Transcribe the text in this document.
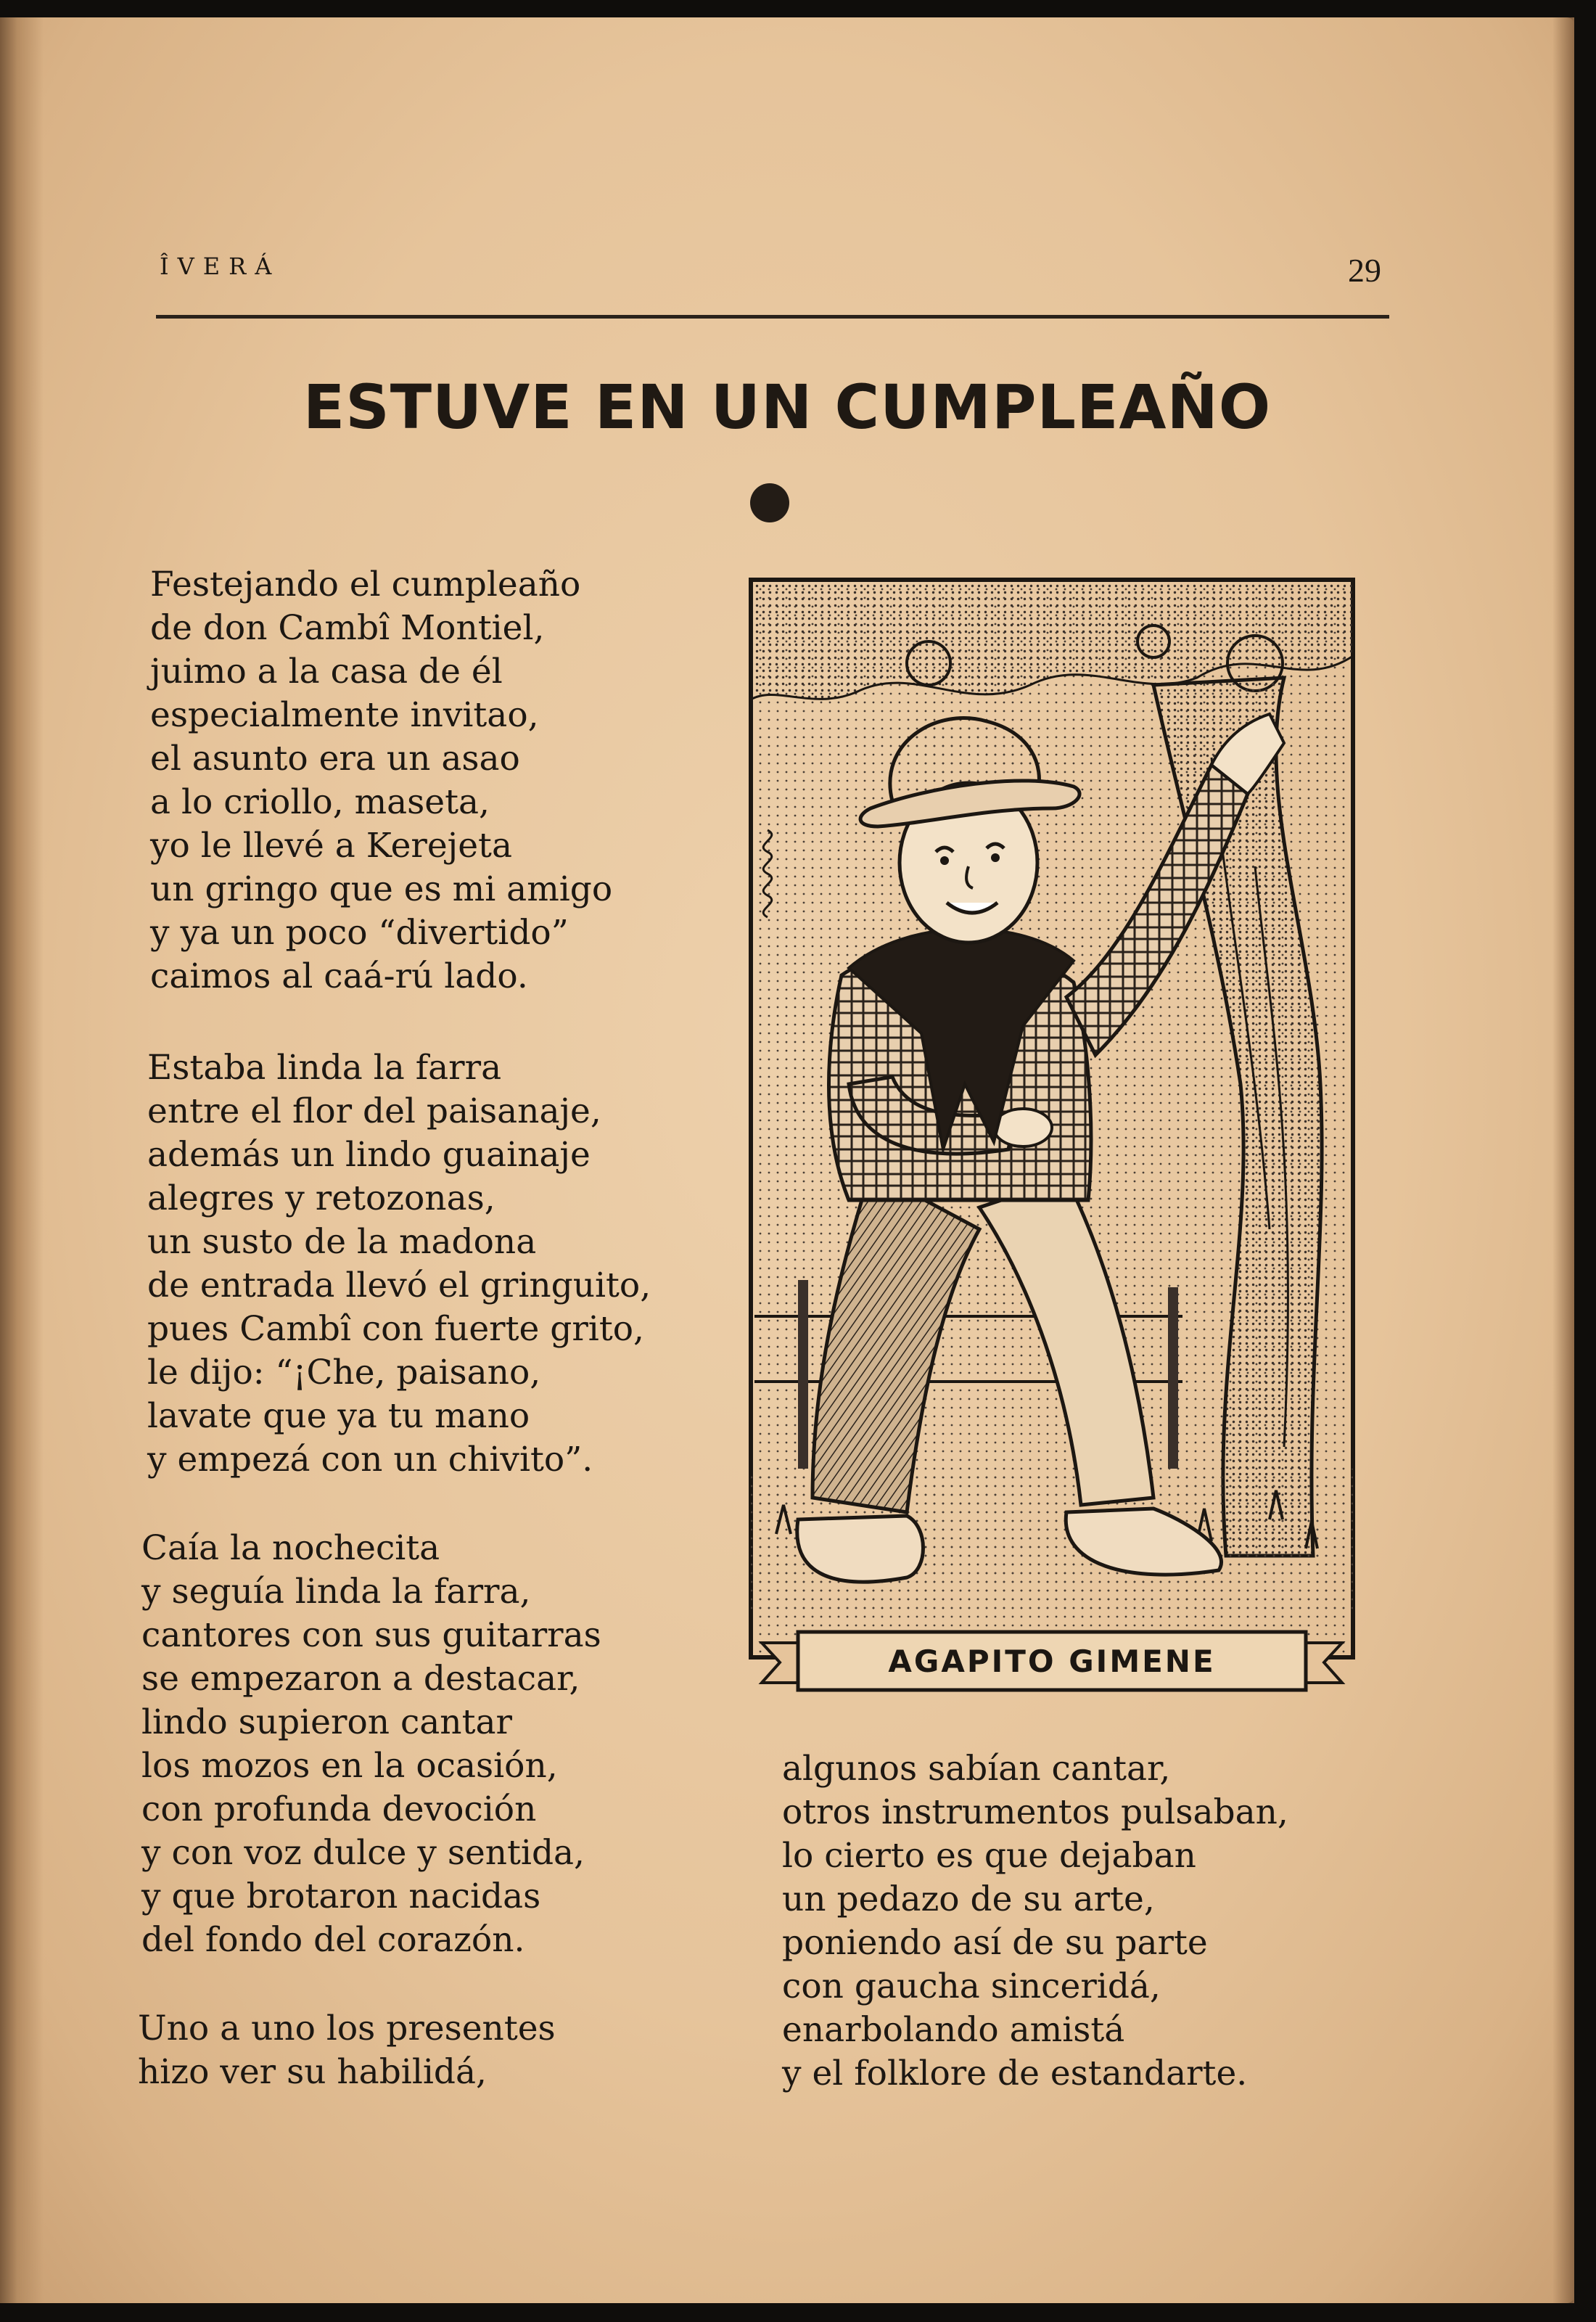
ÎVERÁ	29
ESTUVE EN UN CUMPLEAÑO
Festejando el cumpleaño
de don Cambî Montiel,
juimo a la casa de él
especialmente invitao,
el asunto era un asao
a lo criollo, maseta,
yo le llevé a Kerejeta
un gringo que es mi amigo
y ya un poco “divertido”
caimos al caá-rú lado.
Estaba linda la farra
entre el flor del paisanaje,
además un lindo guainaje
alegres y retozonas,
un susto de la madona
de entrada llevó el gringuito,
pues Cambî con fuerte grito,
le dijo: “¡Che, paisano,
lavate que ya tu mano
y empezá con un chivito”.
Caía la nochecita
y seguía linda la farra,
cantores con sus guitarras
se empezaron a destacar,
lindo supieron cantar
los mozos en la ocasión,
con profunda devoción
y con voz dulce y sentida,
y que brotaron nacidas
del fondo del corazón.
Uno a uno los presentes
hizo ver su habilidá,
algunos sabían cantar,
otros instrumentos pulsaban,
lo cierto es que dejaban
un pedazo de su arte,
poniendo así de su parte
con gaucha sinceridá,
enarbolando amistá
y el folklore de estandarte.
AGAPITO GIMENE
